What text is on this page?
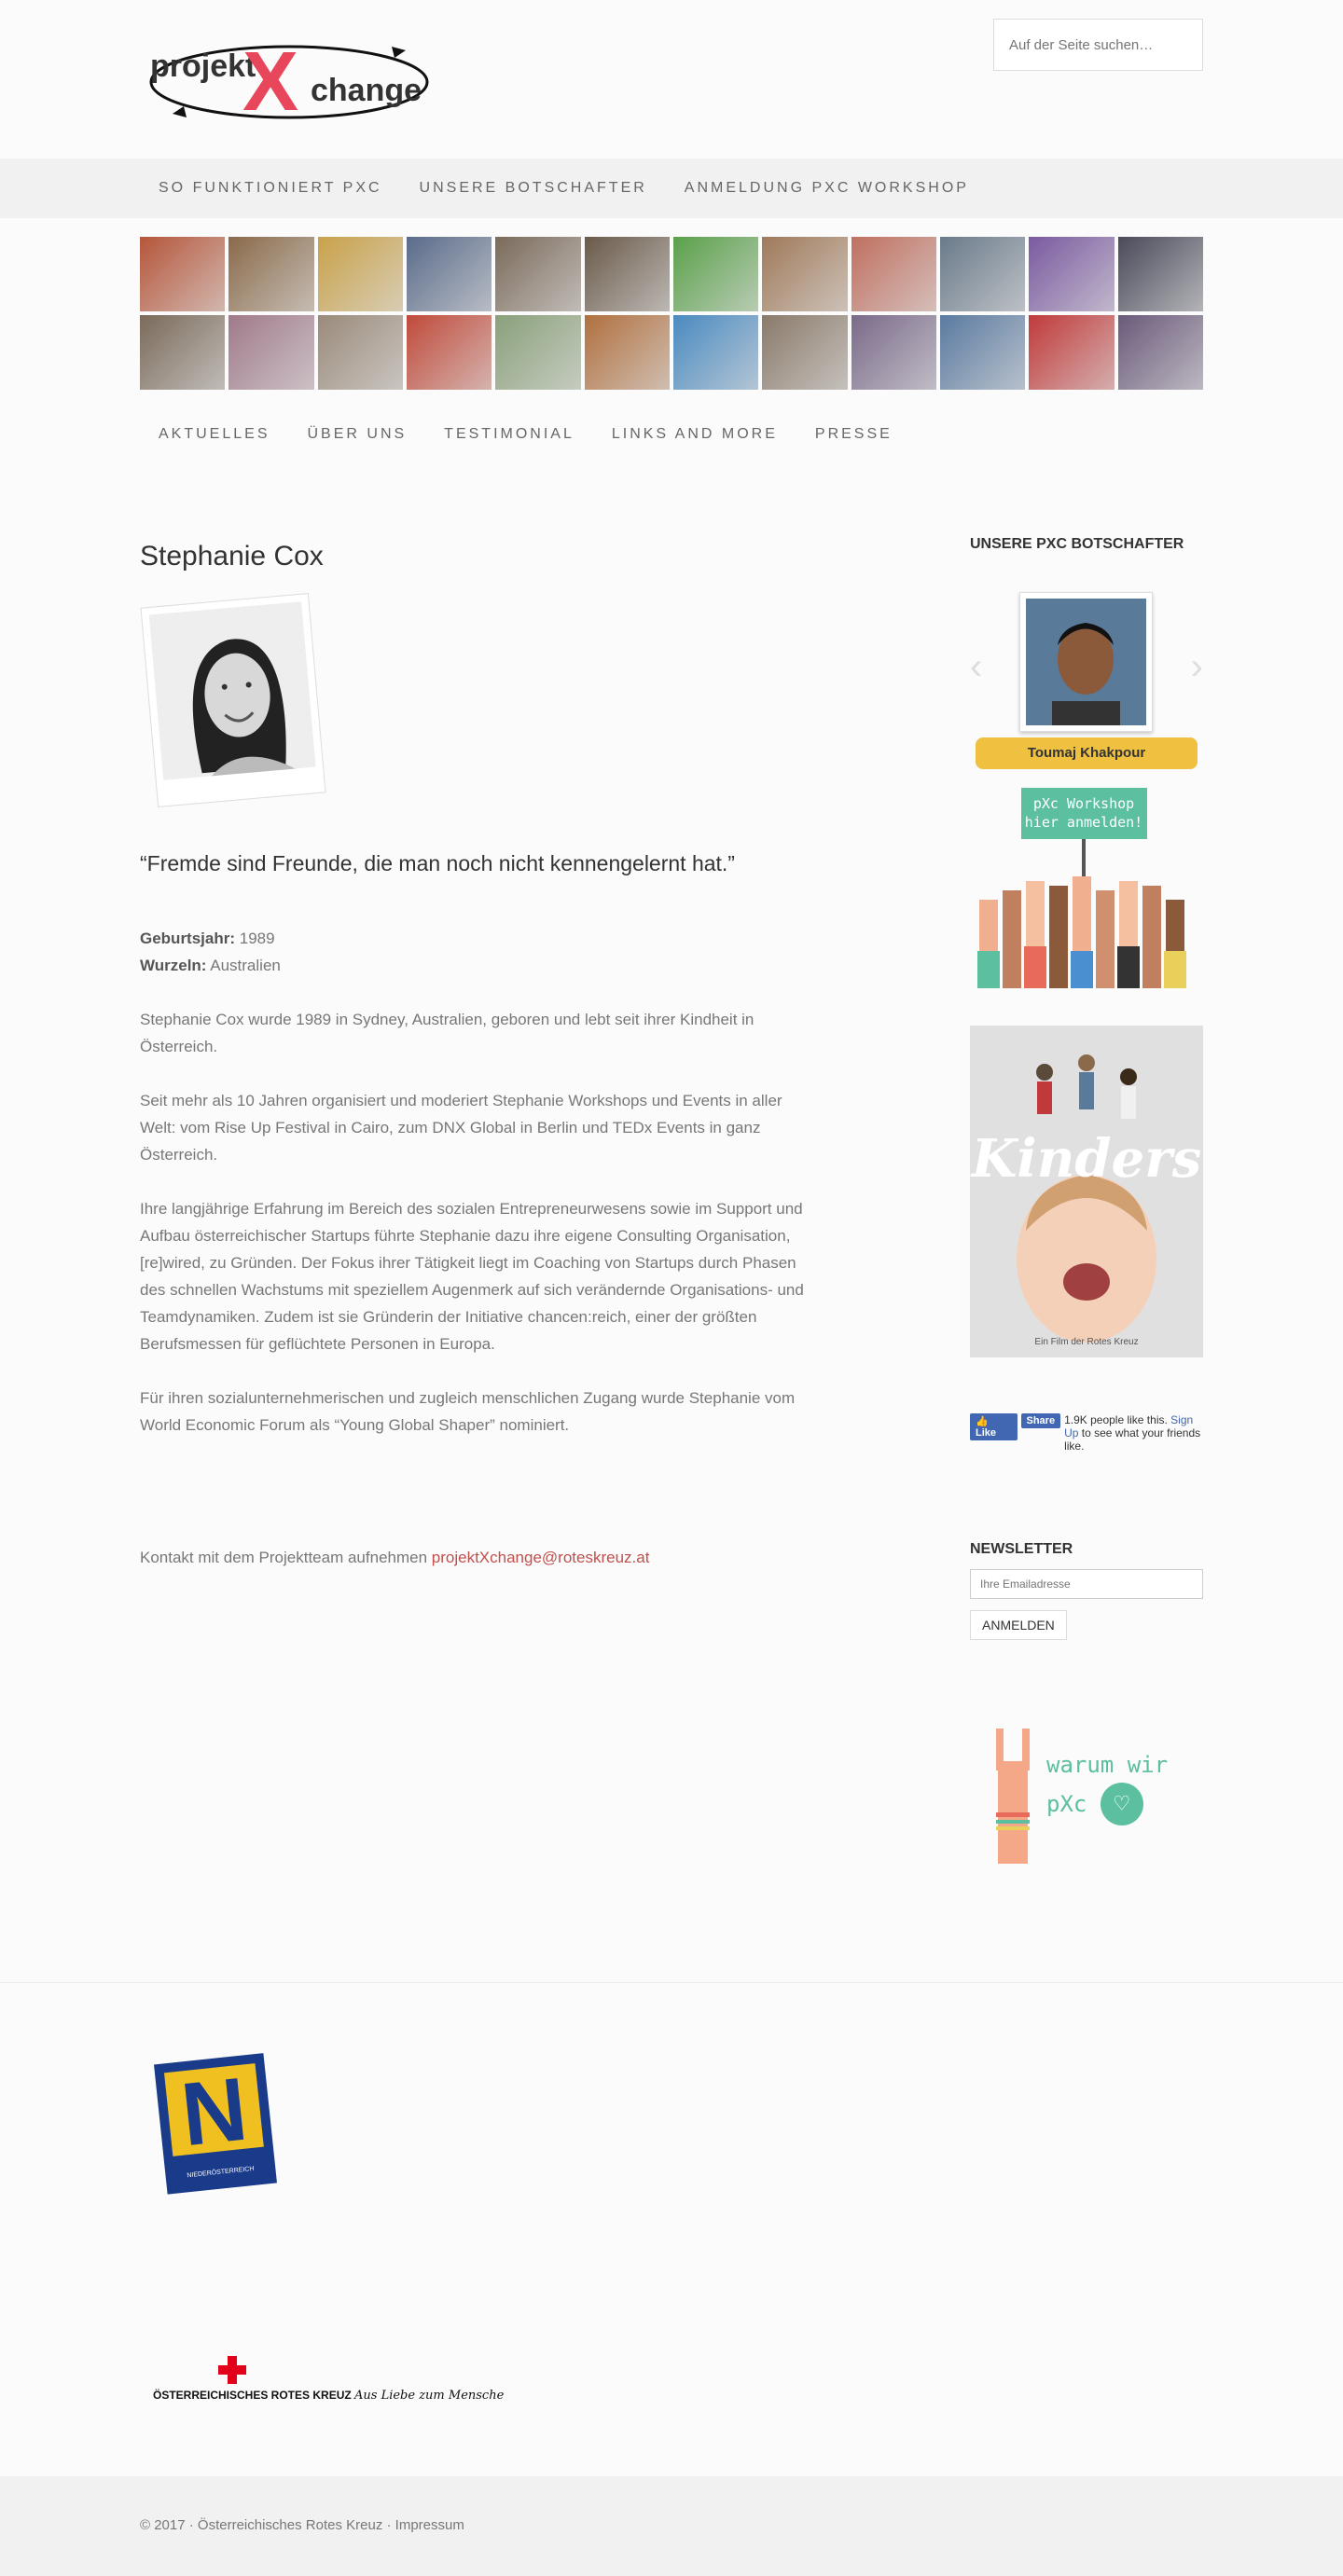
projekt
X change
Auf der Seite suchen…
SO FUNKTIONIERT PXC	UNSERE BOTSCHAFTER	ANMELDUNG PXC WORKSHOP
AKTUELLES	ÜBER UNS	TESTIMONIAL	LINKS AND MORE	PRESSE
Stephanie Cox

“Fremde sind Freunde, die man noch nicht kennengelernt hat.”

Geburtsjahr: 1989
Wurzeln: Australien

Stephanie Cox wurde 1989 in Sydney, Australien, geboren und lebt seit ihrer Kindheit in Österreich.

Seit mehr als 10 Jahren organisiert und moderiert Stephanie Workshops und Events in aller Welt: vom Rise Up Festival in Cairo, zum DNX Global in Berlin und TEDx Events in ganz Österreich.

Ihre langjährige Erfahrung im Bereich des sozialen Entrepreneurwesens sowie im Support und Aufbau österreichischer Startups führte Stephanie dazu ihre eigene Consulting Organisation, [re]wired, zu Gründen. Der Fokus ihrer Tätigkeit liegt im Coaching von Startups durch Phasen des schnellen Wachstums mit speziellem Augenmerk auf sich verändernde Organisations- und Teamdynamiken. Zudem ist sie Gründerin der Initiative chancen:reich, einer der größten Berufsmessen für geflüchtete Personen in Europa.

Für ihren sozialunternehmerischen und zugleich menschlichen Zugang wurde Stephanie vom World Economic Forum als “Young Global Shaper” nominiert.

Kontakt mit dem Projektteam aufnehmen projektXchange@roteskreuz.at

UNSERE PXC BOTSCHAFTER
‹	›
Toumaj Khakpour
pXc Workshop
hier anmelden!
Ein Film der Rotes Kreuz
Kinders
👍 Like
Share 1.9K people like this. Sign Up to see what your friends like.

NEWSLETTER
Ihre Emailadresse ANMELDEN
warum wir
pXc ♡
N
NIEDERÖSTERREICH
ÖSTERREICHISCHES ROTES KREUZ Aus Liebe zum Menschen.

© 2017 · Österreichisches Rotes Kreuz · Impressum
